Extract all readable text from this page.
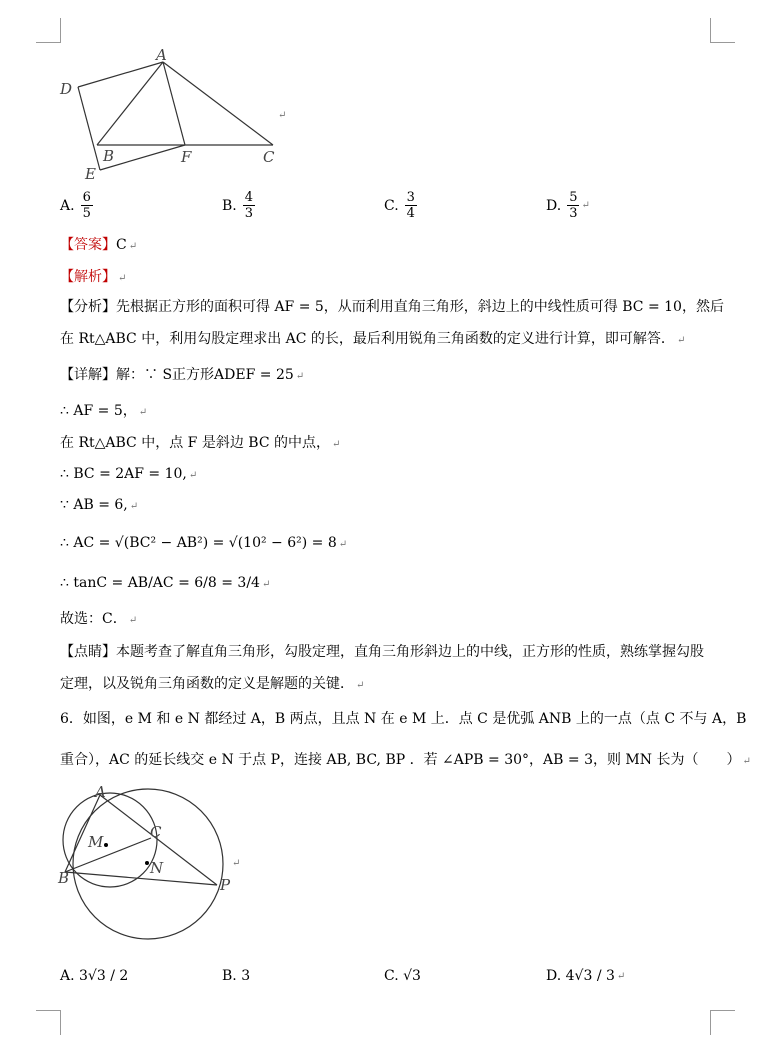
A
D
B	F	C
E
↵
A. $\frac{6}{5}$	B. $\frac{4}{3}$	C. $\frac{3}{4}$	D. $\frac{5}{3}$ ↵
【答案】C ↵
【解析】 ↵
【分析】先根据正方形的面积可得 AF = 5，从而利用直角三角形，斜边上的中线性质可得 BC = 10，然后
在 Rt△ABC 中，利用勾股定理求出 AC 的长，最后利用锐角三角函数的定义进行计算，即可解答． ↵
【详解】解：∵ S正方形ADEF = 25 ↵
∴ AF = 5， ↵
在 Rt△ABC 中，点 F 是斜边 BC 的中点， ↵
∴ BC = 2AF = 10, ↵
∵ AB = 6, ↵
∴ AC = √(BC² − AB²) = √(10² − 6²) = 8 ↵
∴ tanC = AB/AC = 6/8 = 3/4 ↵
故选：C． ↵
【点睛】本题考查了解直角三角形，勾股定理，直角三角形斜边上的中线，正方形的性质，熟练掌握勾股
定理，以及锐角三角函数的定义是解题的关键． ↵
6．如图，e M 和 e N 都经过 A，B 两点，且点 N 在 e M 上．点 C 是优弧 ANB 上的一点（点 C 不与 A，B
重合），AC 的延长线交 e N 于点 P，连接 AB, BC, BP ．若 ∠APB = 30°，AB = 3，则 MN 长为（　　） ↵
A
M
C
N
B	P
↵
A.
3√3 / 2	B.
3	C.
√3	D.
4√3 / 3 ↵
